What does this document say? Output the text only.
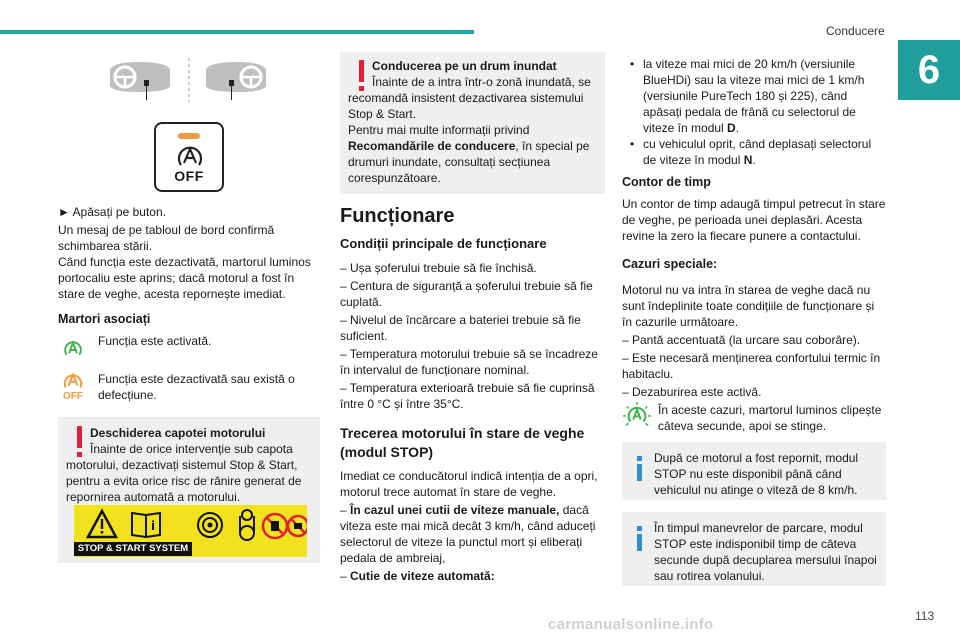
Conducere
6
OFF

► Apăsați pe buton.

Un mesaj de pe tabloul de bord confirmă schimbarea stării.

Când funcția este dezactivată, martorul luminos portocaliu este aprins; dacă motorul a fost în stare de veghe, acesta repornește imediat.

Martori asociați
Funcția este activată.
OFF
Funcția este dezactivată sau există o defecțiune.
Deschiderea capotei motorului
Înainte de orice intervenție sub capota
motorului, dezactivați sistemul Stop & Start, pentru a evita orice risc de rănire generat de repornirea automată a motorului.
i
STOP & START SYSTEM
Conducerea pe un drum inundat
Înainte de a intra într-o zonă inundată, se
recomandă insistent dezactivarea sistemului Stop & Start.
Pentru mai multe informații privind
Recomandările de conducere, în special pe drumuri inundate, consultați secțiunea corespunzătoare.
Funcționare
Condiții principale de funcționare

– Ușa șoferului trebuie să fie închisă.

– Centura de siguranță a șoferului trebuie să fie cuplată.

– Nivelul de încărcare a bateriei trebuie să fie suficient.

– Temperatura motorului trebuie să se încadreze în intervalul de funcționare nominal.

– Temperatura exterioară trebuie să fie cuprinsă între 0 °C și între 35°C.

Trecerea motorului în stare de veghe (modul STOP)

Imediat ce conducătorul indică intenția de a opri, motorul trece automat în stare de veghe.

– În cazul unei cutii de viteze manuale, dacă viteza este mai mică decât 3 km/h, când aduceți selectorul de viteze la punctul mort și eliberați pedala de ambreiaj,

– Cutie de viteze automată:

• la viteze mai mici de 20 km/h (versiunile BlueHDi) sau la viteze mai mici de 1 km/h (versiunile PureTech 180 și 225), când apăsați pedala de frână cu selectorul de viteze în modul D.
• cu vehiculul oprit, când deplasați selectorul de viteze în modul N.
Contor de timp

Un contor de timp adaugă timpul petrecut în stare de veghe, pe perioada unei deplasări. Acesta revine la zero la fiecare punere a contactului.

Cazuri speciale:

Motorul nu va intra în starea de veghe dacă nu sunt îndeplinite toate condițiile de funcționare și în cazurile următoare.

– Pantă accentuată (la urcare sau coborâre).

– Este necesară menținerea confortului termic în habitaclu.

– Dezaburirea este activă.

În aceste cazuri, martorul luminos clipește câteva secunde, apoi se stinge.
După ce motorul a fost repornit, modul
STOP nu este disponibil până când vehiculul nu atinge o viteză de 8 km/h.
În timpul manevrelor de parcare, modul
STOP este indisponibil timp de câteva secunde după decuplarea mersului înapoi sau rotirea volanului.
carmanualsonline.info	113
